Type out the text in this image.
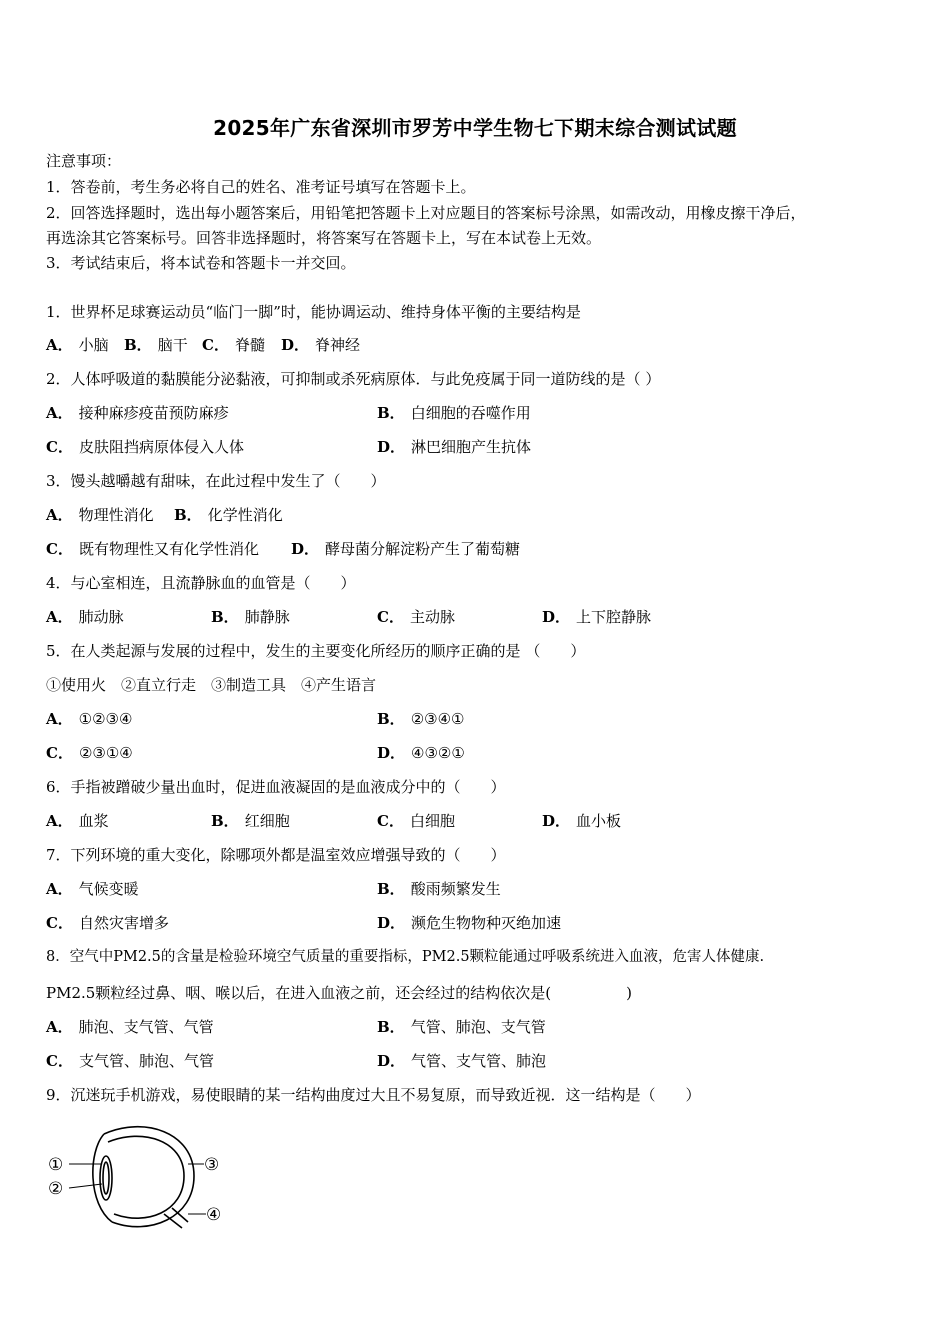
2025年广东省深圳市罗芳中学生物七下期末综合测试试题
注意事项：
1．答卷前，考生务必将自己的姓名、准考证号填写在答题卡上。
2．回答选择题时，选出每小题答案后，用铅笔把答题卡上对应题目的答案标号涂黑，如需改动，用橡皮擦干净后，
再选涂其它答案标号。回答非选择题时，将答案写在答题卡上，写在本试卷上无效。
3．考试结束后，将本试卷和答题卡一并交回。
1．世界杯足球赛运动员“临门一脚”时，能协调运动、维持身体平衡的主要结构是
A． 小脑 B． 脑干 C． 脊髓 D． 脊神经
2．人体呼吸道的黏膜能分泌黏液，可抑制或杀死病原体．与此免疫属于同一道防线的是（ ）
A． 接种麻疹疫苗预防麻疹	B． 白细胞的吞噬作用
C． 皮肤阻挡病原体侵入人体	D． 淋巴细胞产生抗体
3．馒头越嚼越有甜味，在此过程中发生了（　　）
A． 物理性消化 B． 化学性消化
C． 既有物理性又有化学性消化 D． 酵母菌分解淀粉产生了葡萄糖
4．与心室相连，且流静脉血的血管是（　　）
A． 肺动脉	B． 肺静脉	C． 主动脉	D． 上下腔静脉
5．在人类起源与发展的过程中，发生的主要变化所经历的顺序正确的是 （　　）
①使用火　②直立行走　③制造工具　④产生语言
A． ①②③④	B． ②③④①
C． ②③①④	D． ④③②①
6．手指被蹭破少量出血时，促进血液凝固的是血液成分中的（　　）
A． 血浆	B． 红细胞	C． 白细胞	D． 血小板
7．下列环境的重大变化，除哪项外都是温室效应增强导致的（　　）
A． 气候变暖	B． 酸雨频繁发生
C． 自然灾害增多	D． 濒危生物物种灭绝加速
8．空气中PM2.5的含量是检验环境空气质量的重要指标，PM2.5颗粒能通过呼吸系统进入血液，危害人体健康.
PM2.5颗粒经过鼻、咽、喉以后，在进入血液之前，还会经过的结构依次是(　　　　　)
A． 肺泡、支气管、气管	B． 气管、肺泡、支气管
C． 支气管、肺泡、气管	D． 气管、支气管、肺泡
9．沉迷玩手机游戏，易使眼睛的某一结构曲度过大且不易复原，而导致近视．这一结构是（　　）
①
②
③
④
